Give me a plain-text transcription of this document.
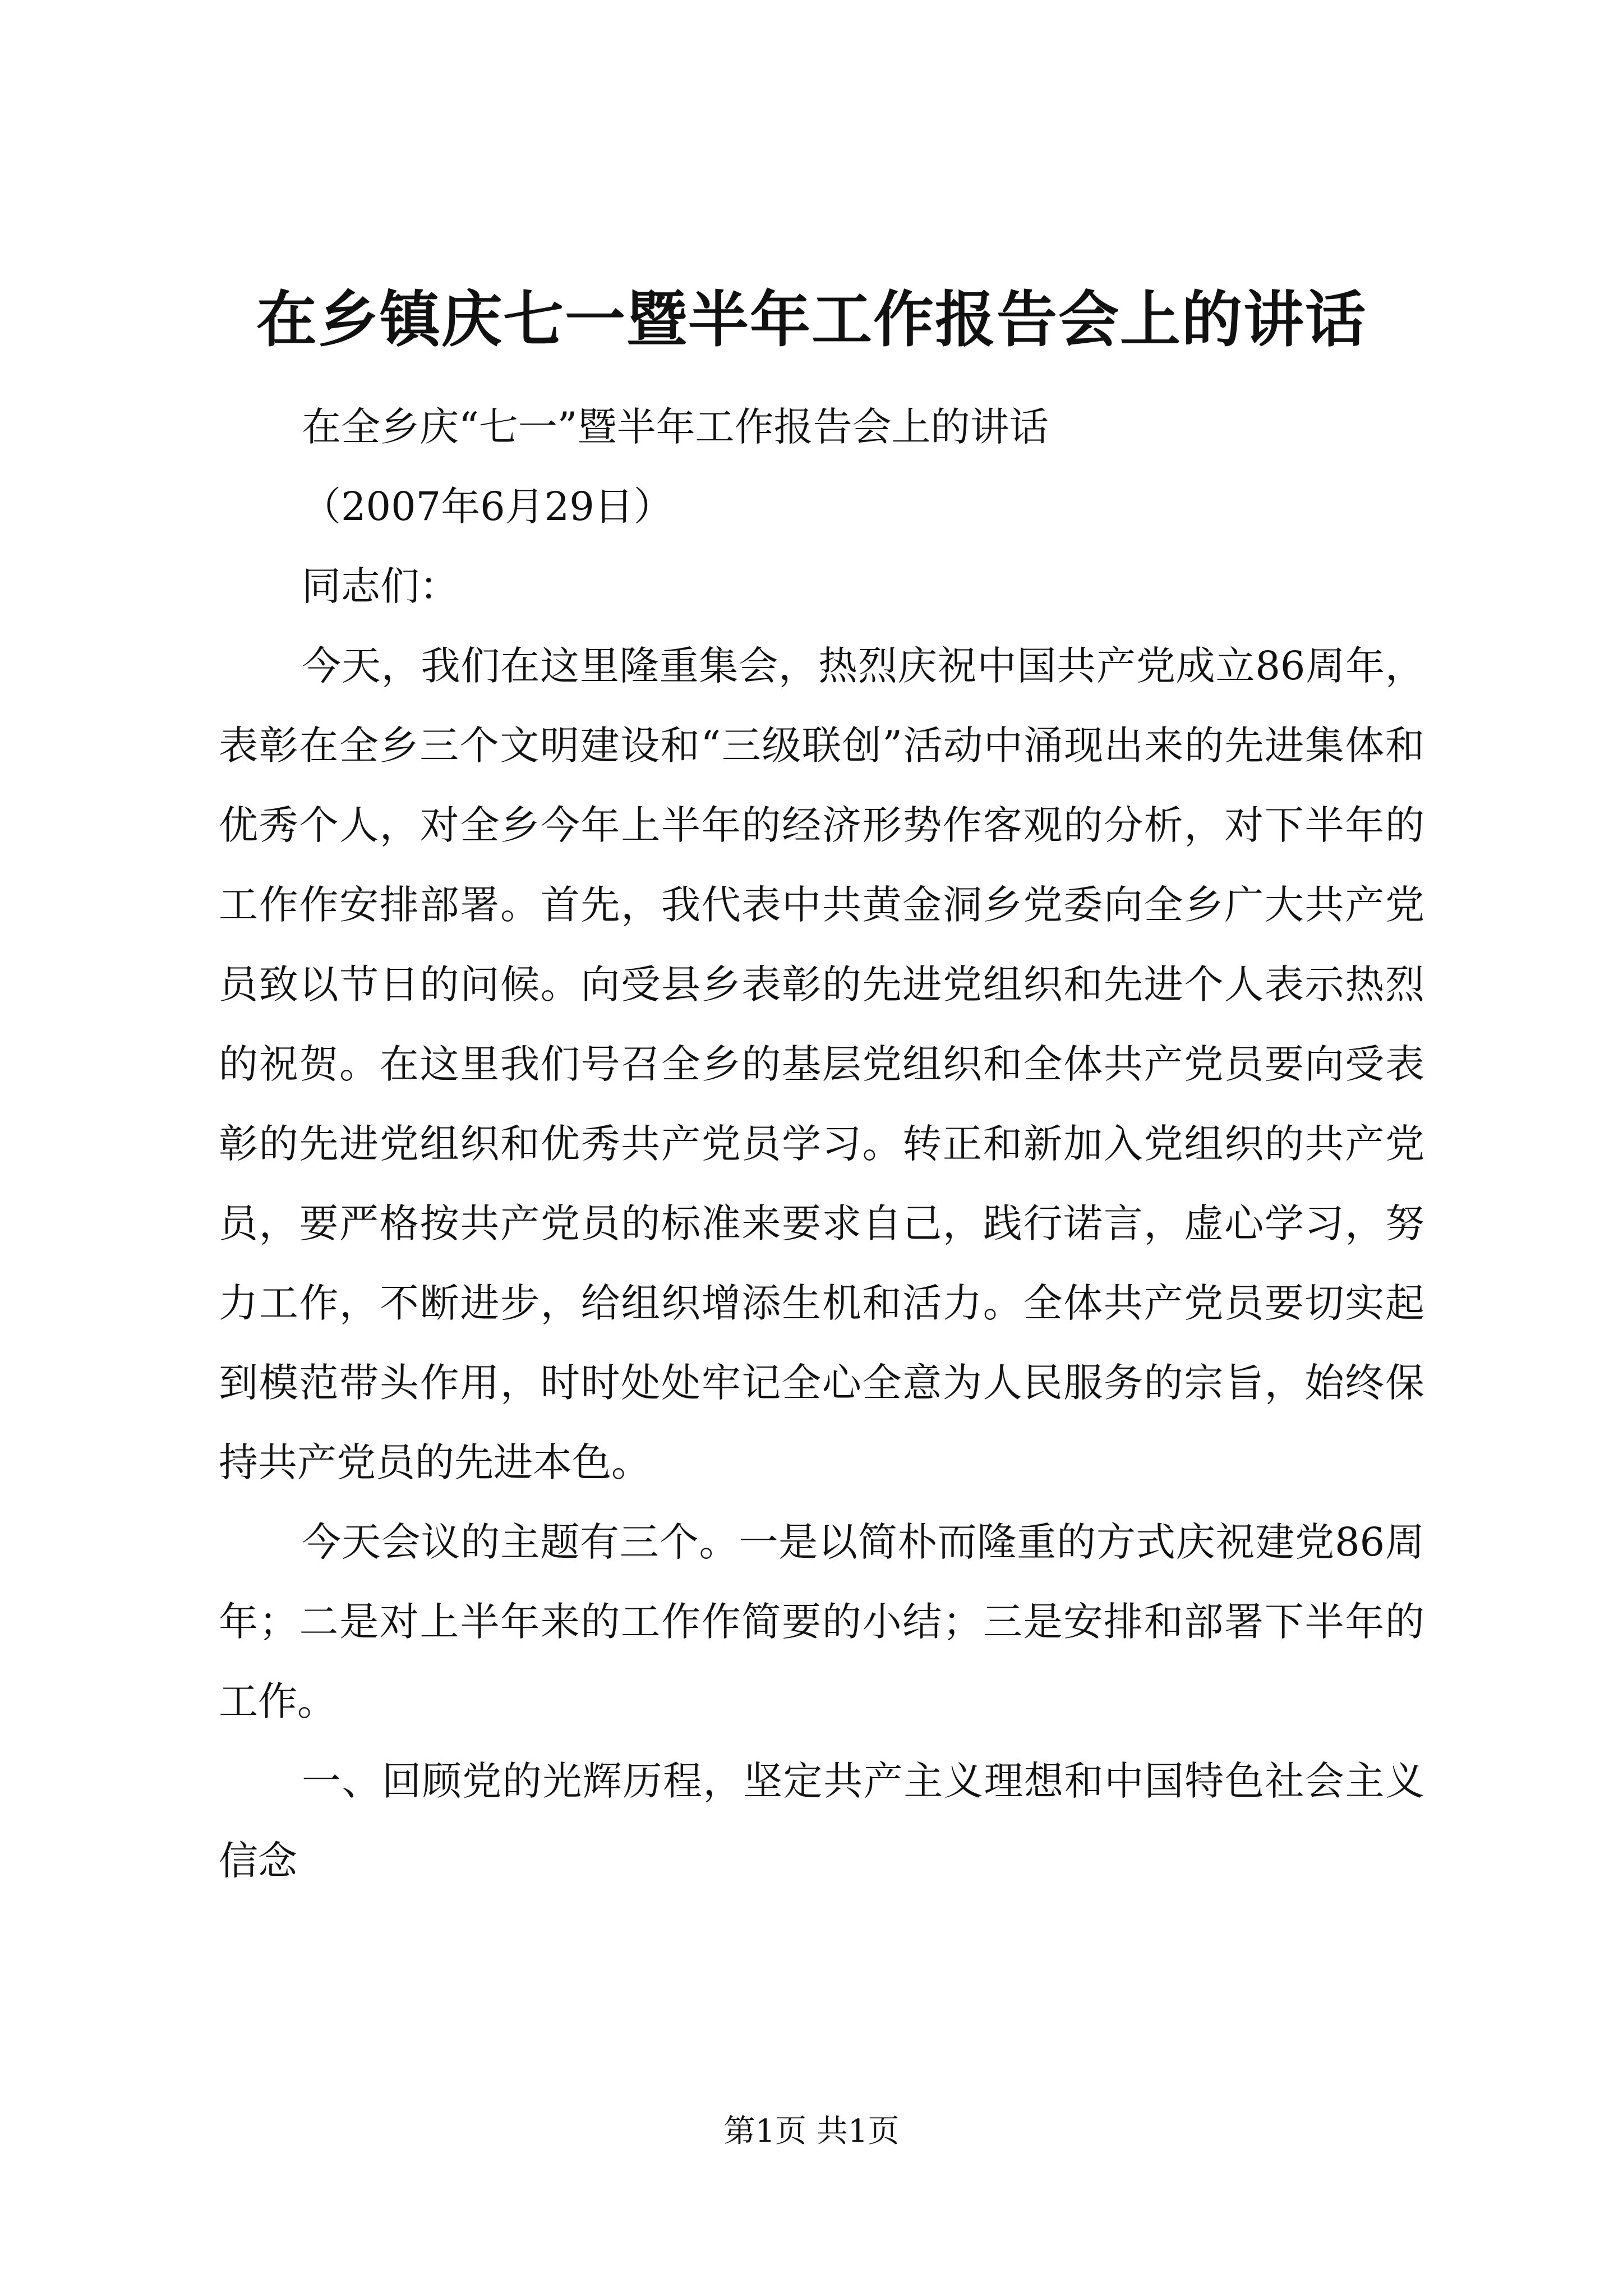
在乡镇庆七一暨半年工作报告会上的讲话

在全乡庆“七一”暨半年工作报告会上的讲话

（2007年6月29日）

同志们：

今天，我们在这里隆重集会，热烈庆祝中国共产党成立86周年，表彰在全乡三个文明建设和“三级联创”活动中涌现出来的先进集体和优秀个人，对全乡今年上半年的经济形势作客观的分析，对下半年的工作作安排部署。首先，我代表中共黄金洞乡党委向全乡广大共产党员致以节日的问候。向受县乡表彰的先进党组织和先进个人表示热烈的祝贺。在这里我们号召全乡的基层党组织和全体共产党员要向受表彰的先进党组织和优秀共产党员学习。转正和新加入党组织的共产党员，要严格按共产党员的标准来要求自己，践行诺言，虚心学习，努力工作，不断进步，给组织增添生机和活力。全体共产党员要切实起到模范带头作用，时时处处牢记全心全意为人民服务的宗旨，始终保持共产党员的先进本色。

今天会议的主题有三个。一是以简朴而隆重的方式庆祝建党86周年；二是对上半年来的工作作简要的小结；三是安排和部署下半年的工作。

一、回顾党的光辉历程，坚定共产主义理想和中国特色社会主义信念

第1页 共1页
